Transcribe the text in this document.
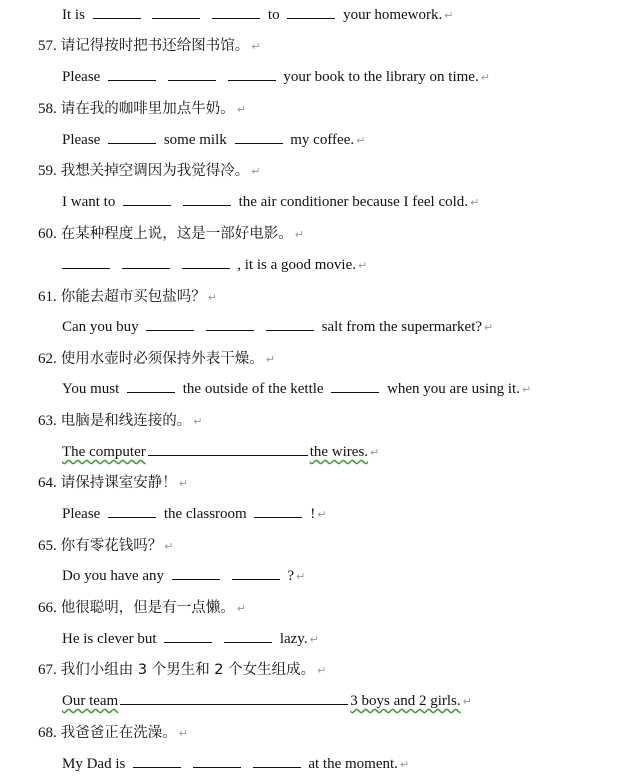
It is	to	your homework. ↵
57. 请记得按时把书还给图书馆。 ↵
Please	your book to the library on time. ↵
58. 请在我的咖啡里加点牛奶。 ↵
Please	some milk	my coffee. ↵
59. 我想关掉空调因为我觉得冷。 ↵
I want to	the air conditioner because I feel cold. ↵
60. 在某种程度上说，这是一部好电影。 ↵
, it is a good movie. ↵
61. 你能去超市买包盐吗？ ↵
Can you buy	salt from the supermarket? ↵
62. 使用水壶时必须保持外表干燥。 ↵
You must	the outside of the kettle	when you are using it. ↵
63. 电脑是和线连接的。 ↵
The computer	the wires. ↵
64. 请保持课室安静！ ↵
Please	the classroom	! ↵
65. 你有零花钱吗？ ↵
Do you have any	? ↵
66. 他很聪明，但是有一点懒。 ↵
He is clever but	lazy. ↵
67. 我们小组由 3 个男生和 2 个女生组成。 ↵
Our team	3 boys and 2 girls. ↵
68. 我爸爸正在洗澡。 ↵
My Dad is	at the moment. ↵
